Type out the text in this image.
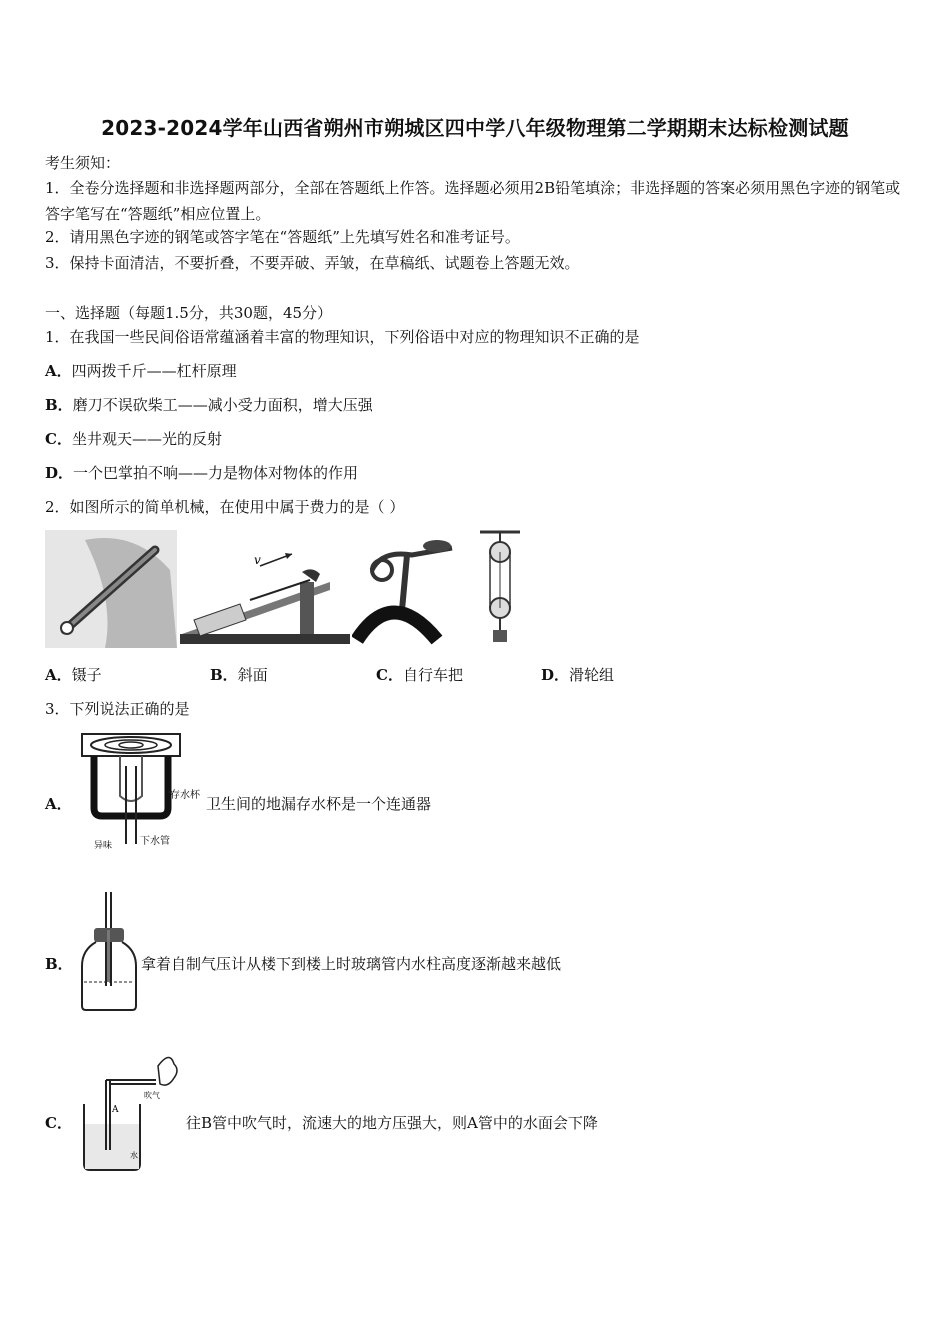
2023-2024学年山西省朔州市朔城区四中学八年级物理第二学期期末达标检测试题
考生须知：
1．全卷分选择题和非选择题两部分，全部在答题纸上作答。选择题必须用2B铅笔填涂；非选择题的答案必须用黑色字迹的钢笔或答字笔写在“答题纸”相应位置上。
2．请用黑色字迹的钢笔或答字笔在“答题纸”上先填写姓名和准考证号。
3．保持卡面清洁，不要折叠，不要弄破、弄皱，在草稿纸、试题卷上答题无效。
一、选择题（每题1.5分，共30题，45分）
1．在我国一些民间俗语常蕴涵着丰富的物理知识，下列俗语中对应的物理知识不正确的是
A．四两拨千斤——杠杆原理
B．磨刀不误砍柴工——减小受力面积，增大压强
C．坐井观天——光的反射
D．一个巴掌拍不响——力是物体对物体的作用
2．如图所示的简单机械，在使用中属于费力的是（ ）
v
A．镊子	B．斜面	C．自行车把	D．滑轮组
3．下列说法正确的是
A．	存水杯
异味	下水管
卫生间的地漏存水杯是一个连通器
B．	拿着自制气压计从楼下到楼上时玻璃管内水柱高度逐渐越来越低
C．
A
吹气
水
往B管中吹气时，流速大的地方压强大，则A管中的水面会下降
